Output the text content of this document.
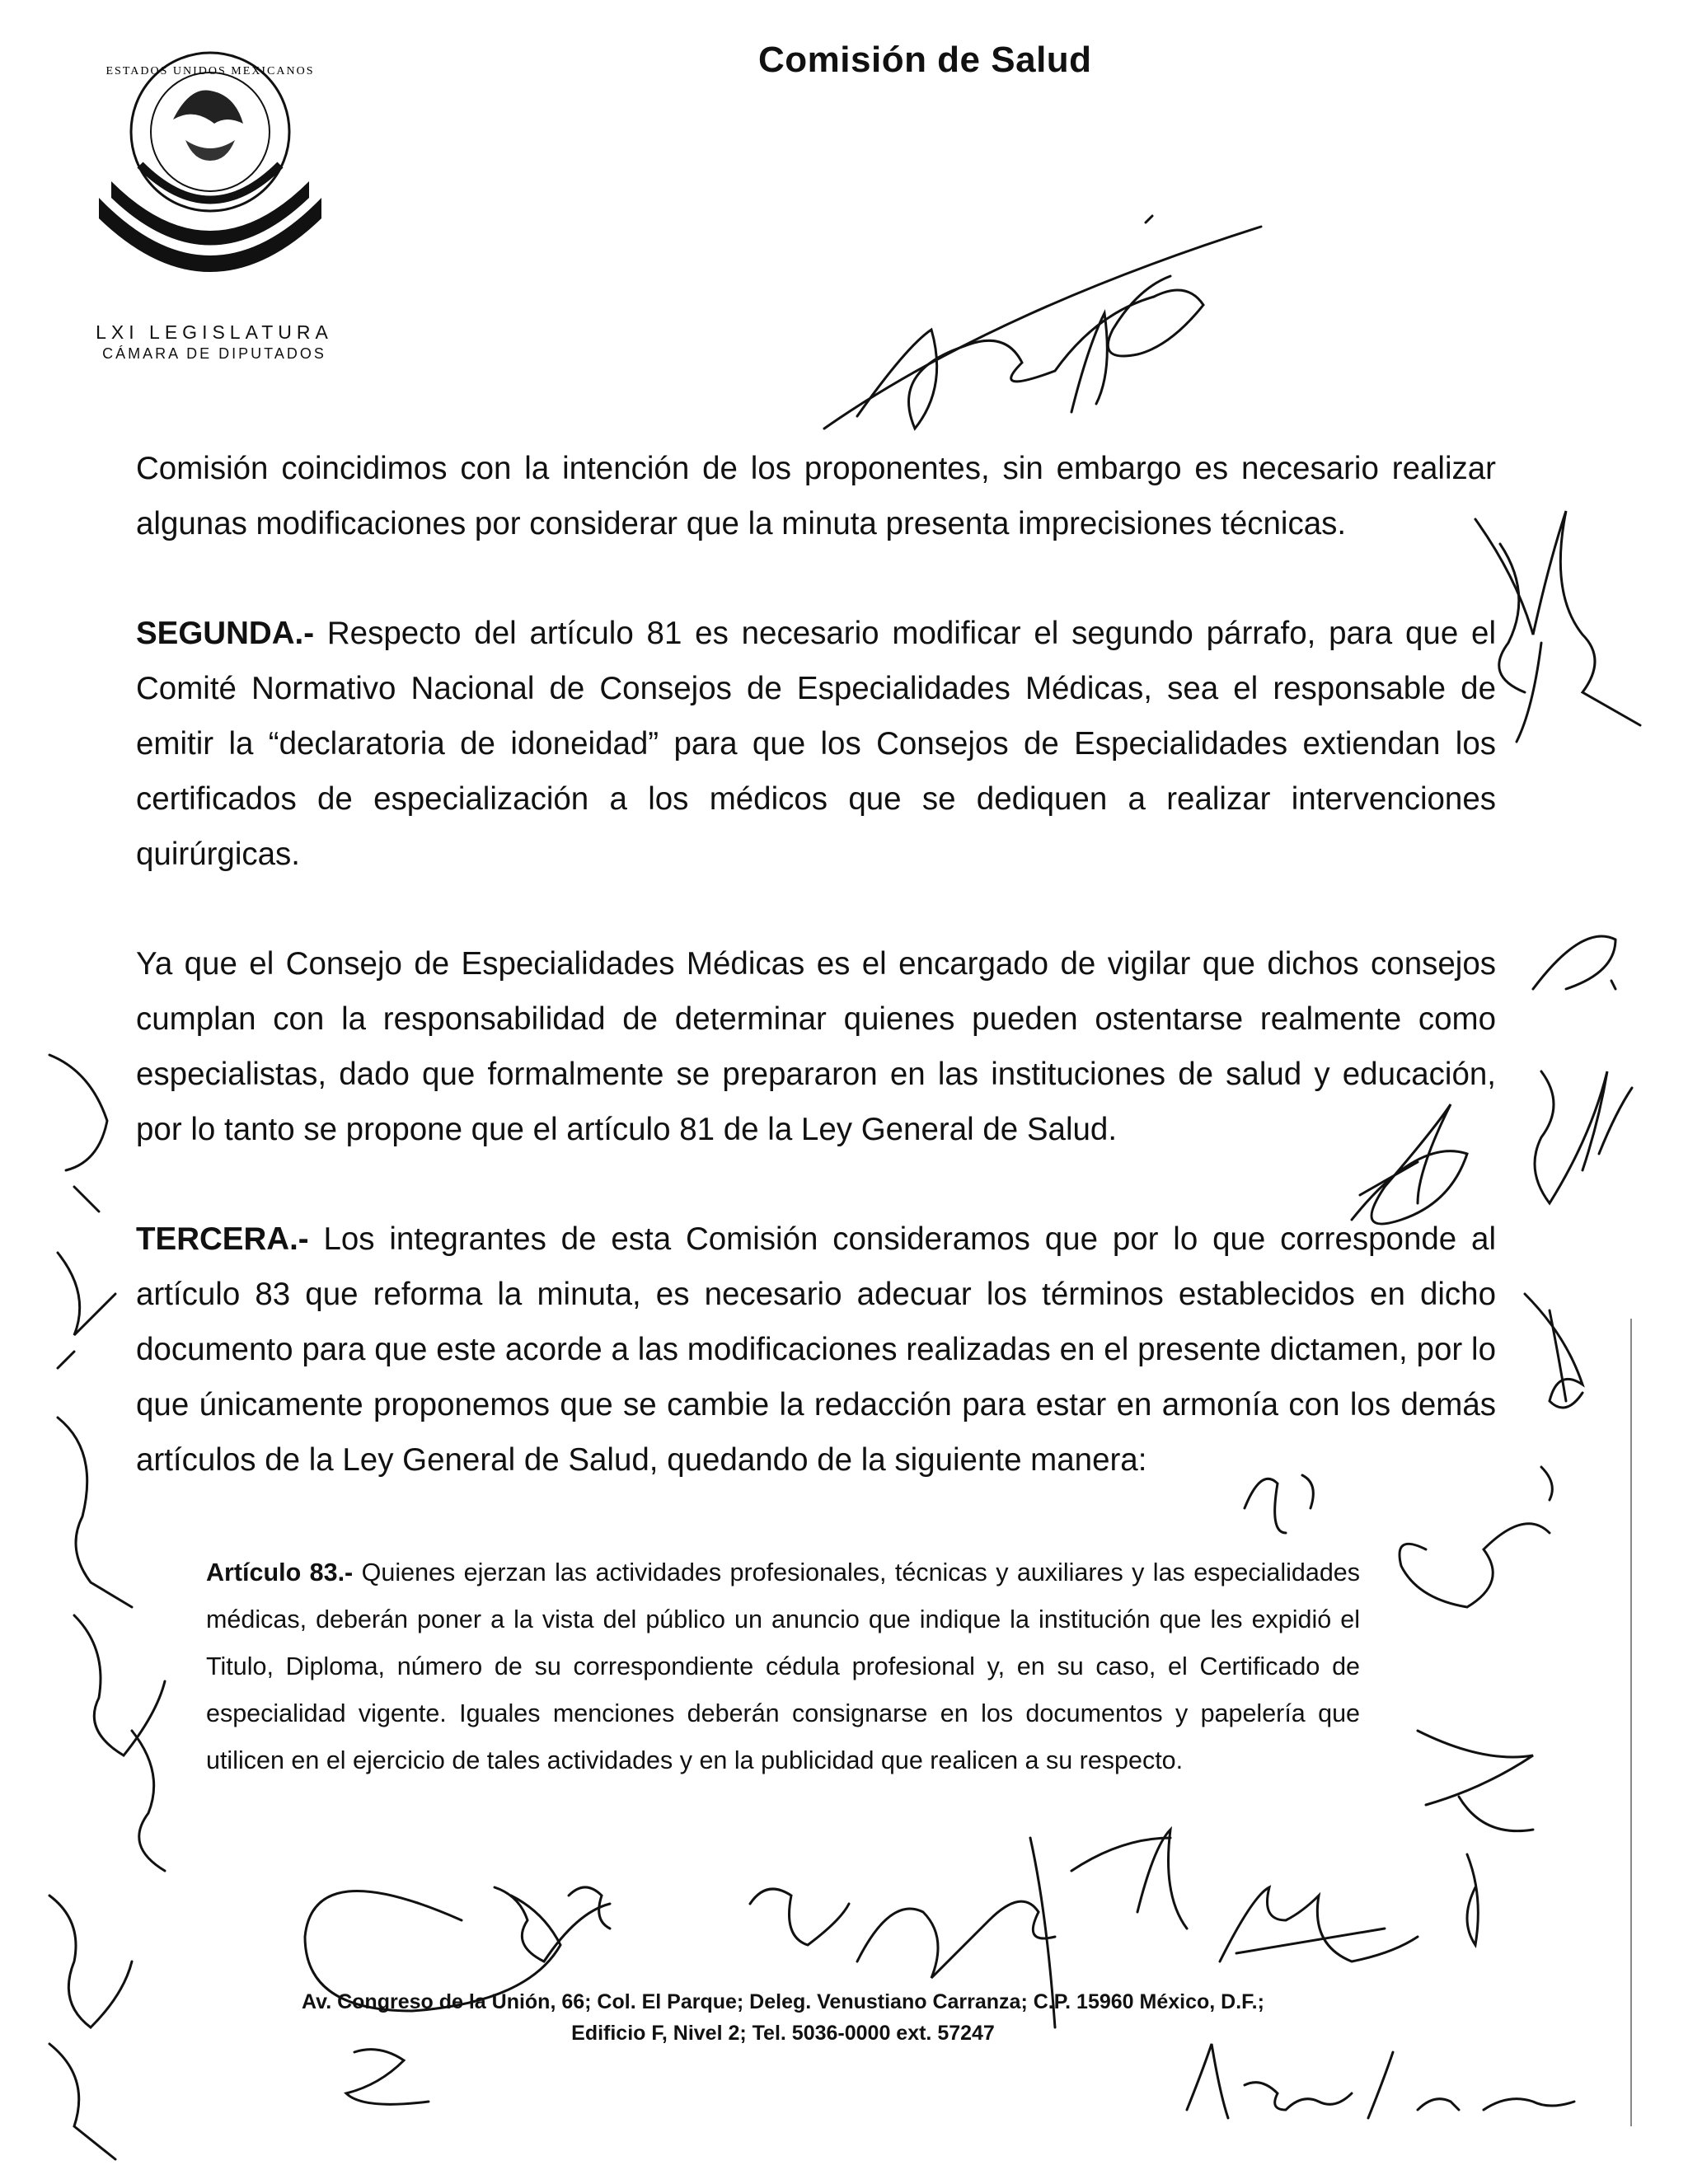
ESTADOS UNIDOS MEXICANOS
LXI LEGISLATURA
CÁMARA DE DIPUTADOS
Comisión de Salud

Comisión coincidimos con la intención de los proponentes, sin embargo es necesario realizar algunas modificaciones por considerar que la minuta presenta imprecisiones técnicas.

SEGUNDA.- Respecto del artículo 81 es necesario modificar el segundo párrafo, para que el Comité Normativo Nacional de Consejos de Especialidades Médicas, sea el responsable de emitir la “declaratoria de idoneidad” para que los Consejos de Especialidades extiendan los certificados de especialización a los médicos que se dediquen a realizar intervenciones quirúrgicas.

Ya que el Consejo de Especialidades Médicas es el encargado de vigilar que dichos consejos cumplan con la responsabilidad de determinar quienes pueden ostentarse realmente como especialistas, dado que formalmente se prepararon en las instituciones de salud y educación, por lo tanto se propone que el artículo 81 de la Ley General de Salud.

TERCERA.- Los integrantes de esta Comisión consideramos que por lo que corresponde al artículo 83 que reforma la minuta, es necesario adecuar los términos establecidos en dicho documento para que este acorde a las modificaciones realizadas en el presente dictamen, por lo que únicamente proponemos que se cambie la redacción para estar en armonía con los demás artículos de la Ley General de Salud, quedando de la siguiente manera:

Artículo 83.- Quienes ejerzan las actividades profesionales, técnicas y auxiliares y las especialidades médicas, deberán poner a la vista del público un anuncio que indique la institución que les expidió el Titulo, Diploma, número de su correspondiente cédula profesional y, en su caso, el Certificado de especialidad vigente. Iguales menciones deberán consignarse en los documentos y papelería que utilicen en el ejercicio de tales actividades y en la publicidad que realicen a su respecto.

Av. Congreso de la Unión, 66; Col. El Parque; Deleg. Venustiano Carranza; C.P. 15960 México, D.F.;
Edificio F, Nivel 2; Tel. 5036-0000 ext. 57247
